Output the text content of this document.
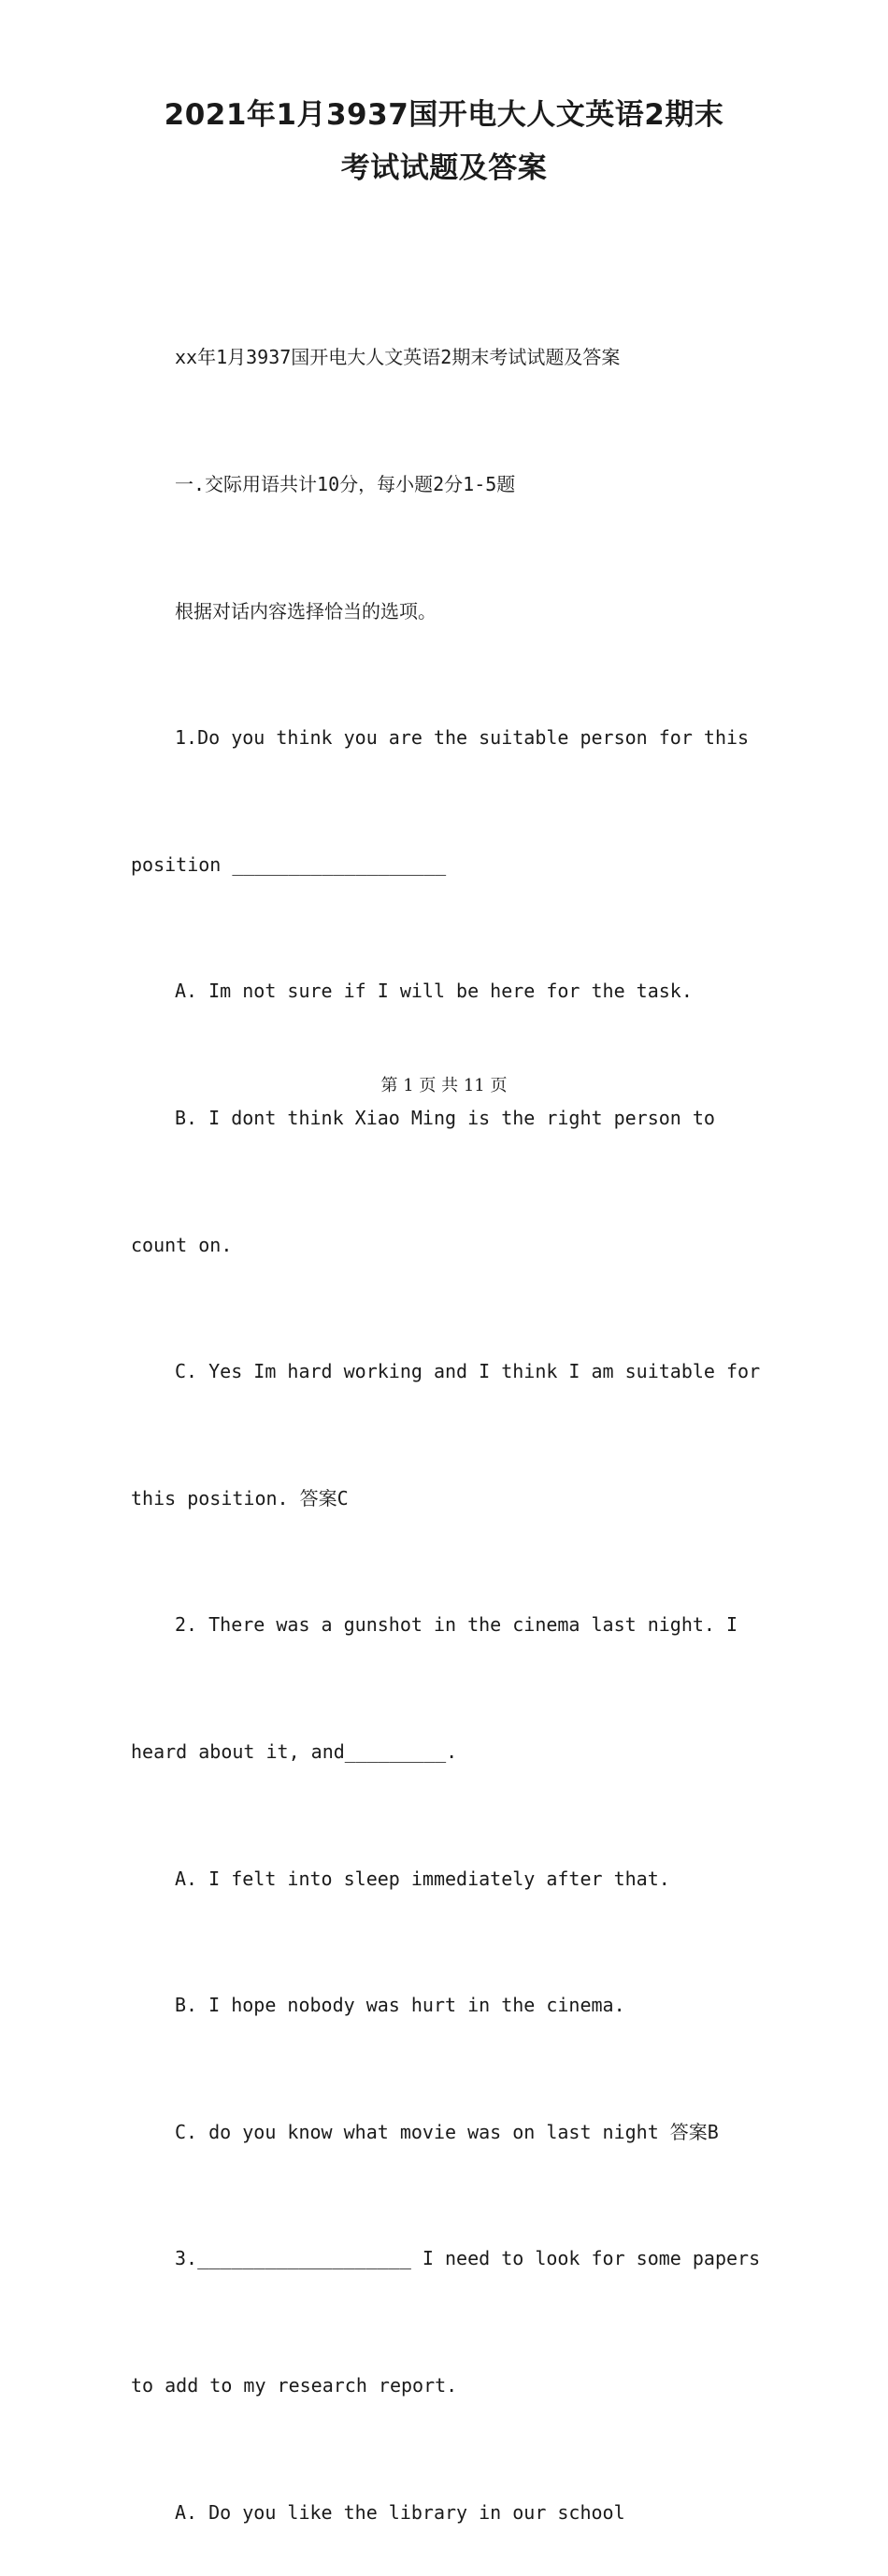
2021年1月3937国开电大人文英语2期末
考试试题及答案

xx年1月3937国开电大人文英语2期末考试试题及答案

一.交际用语共计10分，每小题2分1-5题

根据对话内容选择恰当的选项。

1.Do you think you are the suitable person for this

position ___________________

A. Im not sure if I will be here for the task.

B. I dont think Xiao Ming is the right person to

count on.

C. Yes Im hard working and I think I am suitable for

this position. 答案C

2. There was a gunshot in the cinema last night. I

heard about it, and_________.

A. I felt into sleep immediately after that.

B. I hope nobody was hurt in the cinema.

C. do you know what movie was on last night 答案B

3.___________________ I need to look for some papers

to add to my research report.

A. Do you like the library in our school

第 1 页 共 11 页
